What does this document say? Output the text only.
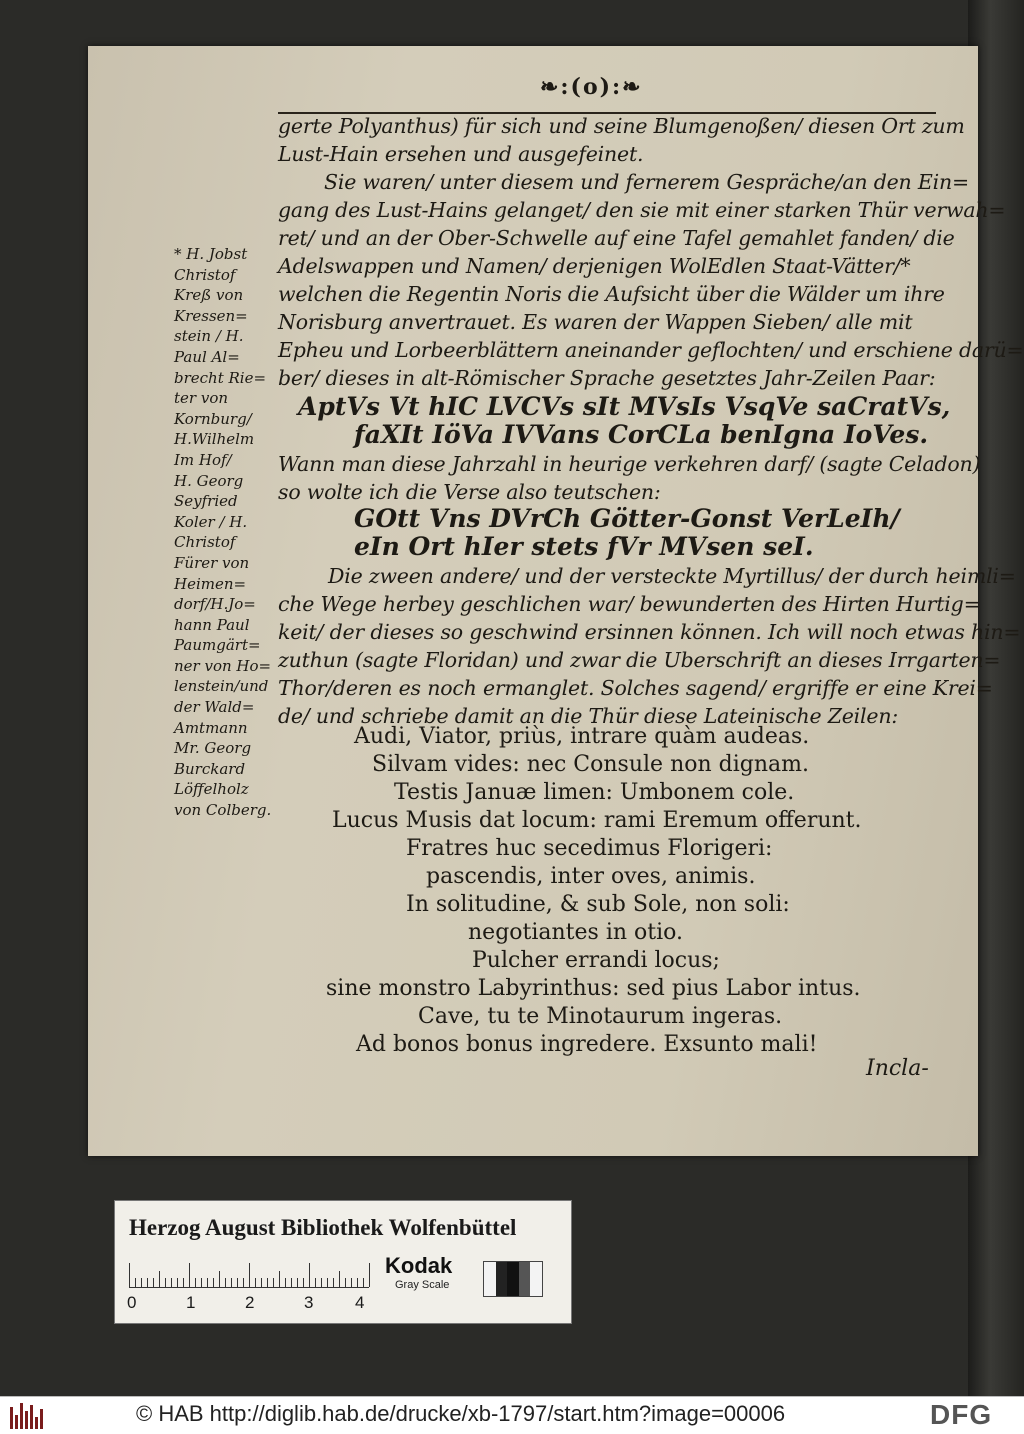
❧:(o):❧
gerte Polyanthus) für sich und seine Blumgenoßen/ diesen Ort zum
Lust-Hain ersehen und ausgefeinet.
Sie waren/ unter diesem und fernerem Gespräche/an den Ein=
gang des Lust-Hains gelanget/ den sie mit einer starken Thür verwah=
ret/ und an der Ober-Schwelle auf eine Tafel gemahlet fanden/ die
Adelswappen und Namen/ derjenigen WolEdlen Staat-Vätter/*
welchen die Regentin Noris die Aufsicht über die Wälder um ihre
Norisburg anvertrauet. Es waren der Wappen Sieben/ alle mit
Epheu und Lorbeerblättern aneinander geflochten/ und erschiene darü=
ber/ dieses in alt-Römischer Sprache gesetztes Jahr-Zeilen Paar:
AptVs Vt hIC LVCVs sIt MVsIs VsqVe saCratVs,
faXIt IöVa IVVans CorCLa benIgna IoVes.
Wann man diese Jahrzahl in heurige verkehren darf/ (sagte Celadon)
so wolte ich die Verse also teutschen:
GOtt Vns DVrCh Götter-Gonst VerLeIh/
eIn Ort hIer stets fVr MVsen seI.
Die zween andere/ und der versteckte Myrtillus/ der durch heimli=
che Wege herbey geschlichen war/ bewunderten des Hirten Hurtig=
keit/ der dieses so geschwind ersinnen können. Ich will noch etwas hin=
zuthun (sagte Floridan) und zwar die Uberschrift an dieses Irrgarten=
Thor/deren es noch ermanglet. Solches sagend/ ergriffe er eine Krei=
de/ und schriebe damit an die Thür diese Lateinische Zeilen:
Audi, Viator, priùs, intrare quàm audeas.
Silvam vides: nec Consule non dignam.
Testis Januæ limen: Umbonem cole.
Lucus Musis dat locum: rami Eremum offerunt.
Fratres huc secedimus Florigeri:
pascendis, inter oves, animis.
In solitudine, & sub Sole, non soli:
negotiantes in otio.
Pulcher errandi locus;
sine monstro Labyrinthus: sed pius Labor intus.
Cave, tu te Minotaurum ingeras.
Ad bonos bonus ingredere. Exsunto mali!
* H. Jobst
Christof
Kreß von
Kressen=
stein / H.
Paul Al=
brecht Rie=
ter von
Kornburg/
H.Wilhelm
Im Hof/
H. Georg
Seyfried
Koler / H.
Christof
Fürer von
Heimen=
dorf/H.Jo=
hann Paul
Paumgärt=
ner von Ho=
lenstein/und
der Wald=
Amtmann
Mr. Georg
Burckard
Löffelholz
von Colberg.
Incla-
Herzog August Bibliothek Wolfenbüttel
0	1	2	3 4
Kodak
Gray Scale
© HAB http://diglib.hab.de/drucke/xb-1797/start.htm?image=00006	DFG
